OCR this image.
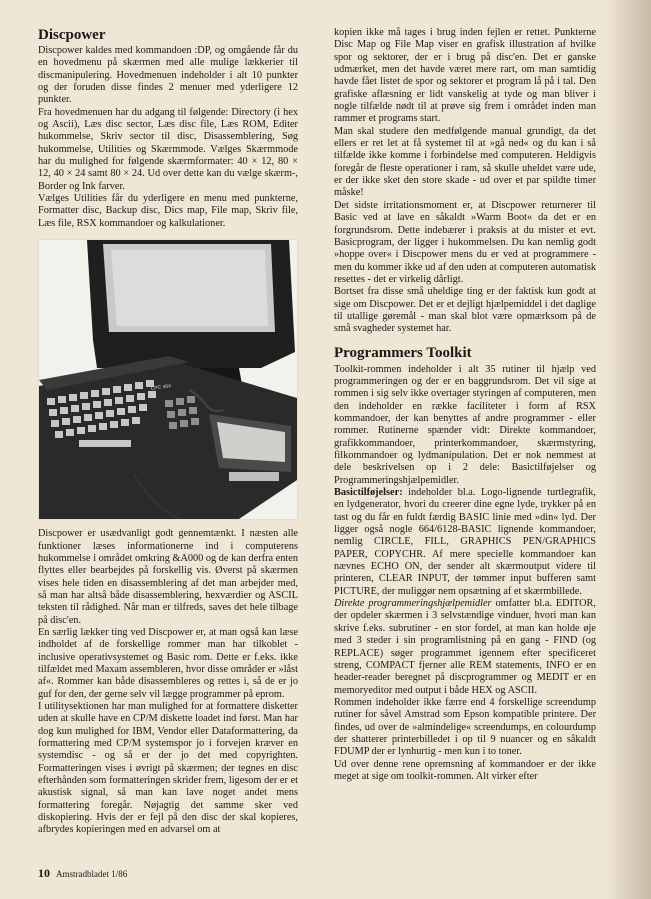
Discpower

Discpower kaldes med kommandoen :DP, og omgående får du en hovedmenu på skærmen med alle mulige lækkerier til discmanipulering. Hovedmenuen indeholder i alt 10 punkter og der foruden disse findes 2 menuer med yderligere 12 punkter.

Fra hovedmenuen har du adgang til følgende: Directory (i hex og Ascii), Læs disc sector, Læs disc file, Læs ROM, Editer hukommelse, Skriv sector til disc, Disassemblering, Søg hukommelse, Utilities og Skærmmode. Vælges Skærmmode har du mulighed for følgende skærmformater: 40 × 12, 80 × 12, 40 × 24 samt 80 × 24. Ud over dette kan du vælge skærm-, Border og Ink farver.

Vælges Utilities får du yderligere en menu med punkterne, Formatter disc, Backup disc, Dics map, File map, Skriv file, Læs file, RSX kommandoer og kalkulationer.

CPC 464

Discpower er usædvanligt godt gennemtænkt. I næsten alle funktioner læses informationerne ind i computerens hukommelse i området omkring &A000 og de kan derfra enten flyttes eller bearbejdes på forskellig vis. Øverst på skærmen vises hele tiden en disassemblering af det man arbejder med, så man har altså både disassemblering, hexværdier og ASCIL teksten til rådighed. Når man er tilfreds, saves det hele tilbage på disc'en.

En særlig lækker ting ved Discpower er, at man også kan læse indholdet af de forskellige rommer man har tilkoblet - inclusive operativsystemet og Basic rom. Dette er f.eks. ikke tilfældet med Maxam assembleren, hvor disse områder er »låst af«. Rommer kan både disassembleres og rettes i, så de er jo guf for den, der gerne selv vil lægge programmer på eprom.

I utilitysektionen har man mulighed for at formattere disketter uden at skulle have en CP/M diskette loadet ind først. Man har dog kun mulighed for IBM, Vendor eller Dataformattering, da formattering med CP/M systemspor jo i forvejen kræver en systemdisc - og så er der jo det med copyrighten. Formatteringen vises i øvrigt på skærmen; der tegnes en disc efterhånden som formatteringen skrider frem, ligesom der er et akustisk signal, så man kan lave noget andet mens formattering foregår. Nøjagtig det samme sker ved diskopiering. Hvis der er fejl på den disc der skal kopieres, afbrydes kopieringen med en advarsel om at

kopien ikke må tages i brug inden fejlen er rettet. Punkterne Disc Map og File Map viser en grafisk illustration af hvilke spor og sektorer, der er i brug på disc'en. Det er ganske udmærket, men det havde været mere rart, om man samtidig havde fået listet de spor og sektorer et program lå på i tal. Den grafiske aflæsning er lidt vanskelig at tyde og man bliver i nogle tilfælde nødt til at prøve sig frem i området inden man rammer et programs start.

Man skal studere den medfølgende manual grundigt, da det ellers er ret let at få systemet til at »gå ned« og du kan i så tilfælde ikke komme i forbindelse med computeren. Heldigvis foregår de fleste operationer i ram, så skulle uheldet være ude, er der ikke sket den store skade - ud over et par spildte timer måske!

Det sidste irritationsmoment er, at Discpower returnerer til Basic ved at lave en såkaldt »Warm Boot« da det er en forgrundsrom. Dette indebærer i praksis at du mister et evt. Basicprogram, der ligger i hukommelsen. Du kan nemlig godt »hoppe over« i Discpower mens du er ved at programmere - men du kommer ikke ud af den uden at computeren automatisk resettes - det er virkelig dårligt.

Bortset fra disse små uheldige ting er der faktisk kun godt at sige om Discpower. Det er et dejligt hjælpemiddel i det daglige til utallige gøremål - man skal blot være opmærksom på de små svagheder systemet har.

Programmers Toolkit

Toolkit-rommen indeholder i alt 35 rutiner til hjælp ved programmeringen og der er en baggrundsrom. Det vil sige at rommen i sig selv ikke overtager styringen af computeren, men den indeholder en række faciliteter i form af RSX kommandoer, der kan benyttes af andre programmer - eller rommer. Rutinerne spænder vidt: Direkte kommandoer, grafikkommandoer, printerkommandoer, skærmstyring, filkommandoer og lydmanipulation. Det er nok nemmest at dele beskrivelsen op i 2 dele: Basictilføjelser og Programmeringshjælpemidler.

Basictilføjelser: indeholder bl.a. Logo-lignende turtlegrafik, en lydgenerator, hvori du creerer dine egne lyde, trykker på en tast og du får en fuldt færdig BASIC linie med »din« lyd. Der ligger også nogle 664/6128-BASIC lignende kommandoer, nemlig CIRCLE, FILL, GRAPHICS PEN/GRAPHICS PAPER, COPYCHR. Af mere specielle kommandoer kan nævnes ECHO ON, der sender alt skærmoutput videre til printeren, CLEAR INPUT, der tømmer input bufferen samt PICTURE, der muliggør nem opsætning af et skærmbillede.

Direkte programmeringshjælpemidler omfatter bl.a. EDITOR, der opdeler skærmen i 3 selvstændige vinduer, hvori man kan skrive f.eks. subrutiner - en stor fordel, at man kan holde øje med 3 steder i sin programlistning på en gang - FIND (og REPLACE) søger programmet igennem efter specificeret streng, COMPACT fjerner alle REM statements, INFO er en header-reader beregnet på discprogrammer og MEDIT er en memoryeditor med output i både HEX og ASCII.

Rommen indeholder ikke færre end 4 forskellige screendump rutiner for såvel Amstrad som Epson kompatible printere. Der findes, ud over de »almindelige« screendumps, en colourdump der shatterer printerbilledet i op til 9 nuancer og en såkaldt FDUMP der er lynhurtig - men kun i to toner.

Ud over denne rene opremsning af kommandoer er der ikke meget at sige om toolkit-rommen. Alt virker efter

10 Amstradbladet 1/86
